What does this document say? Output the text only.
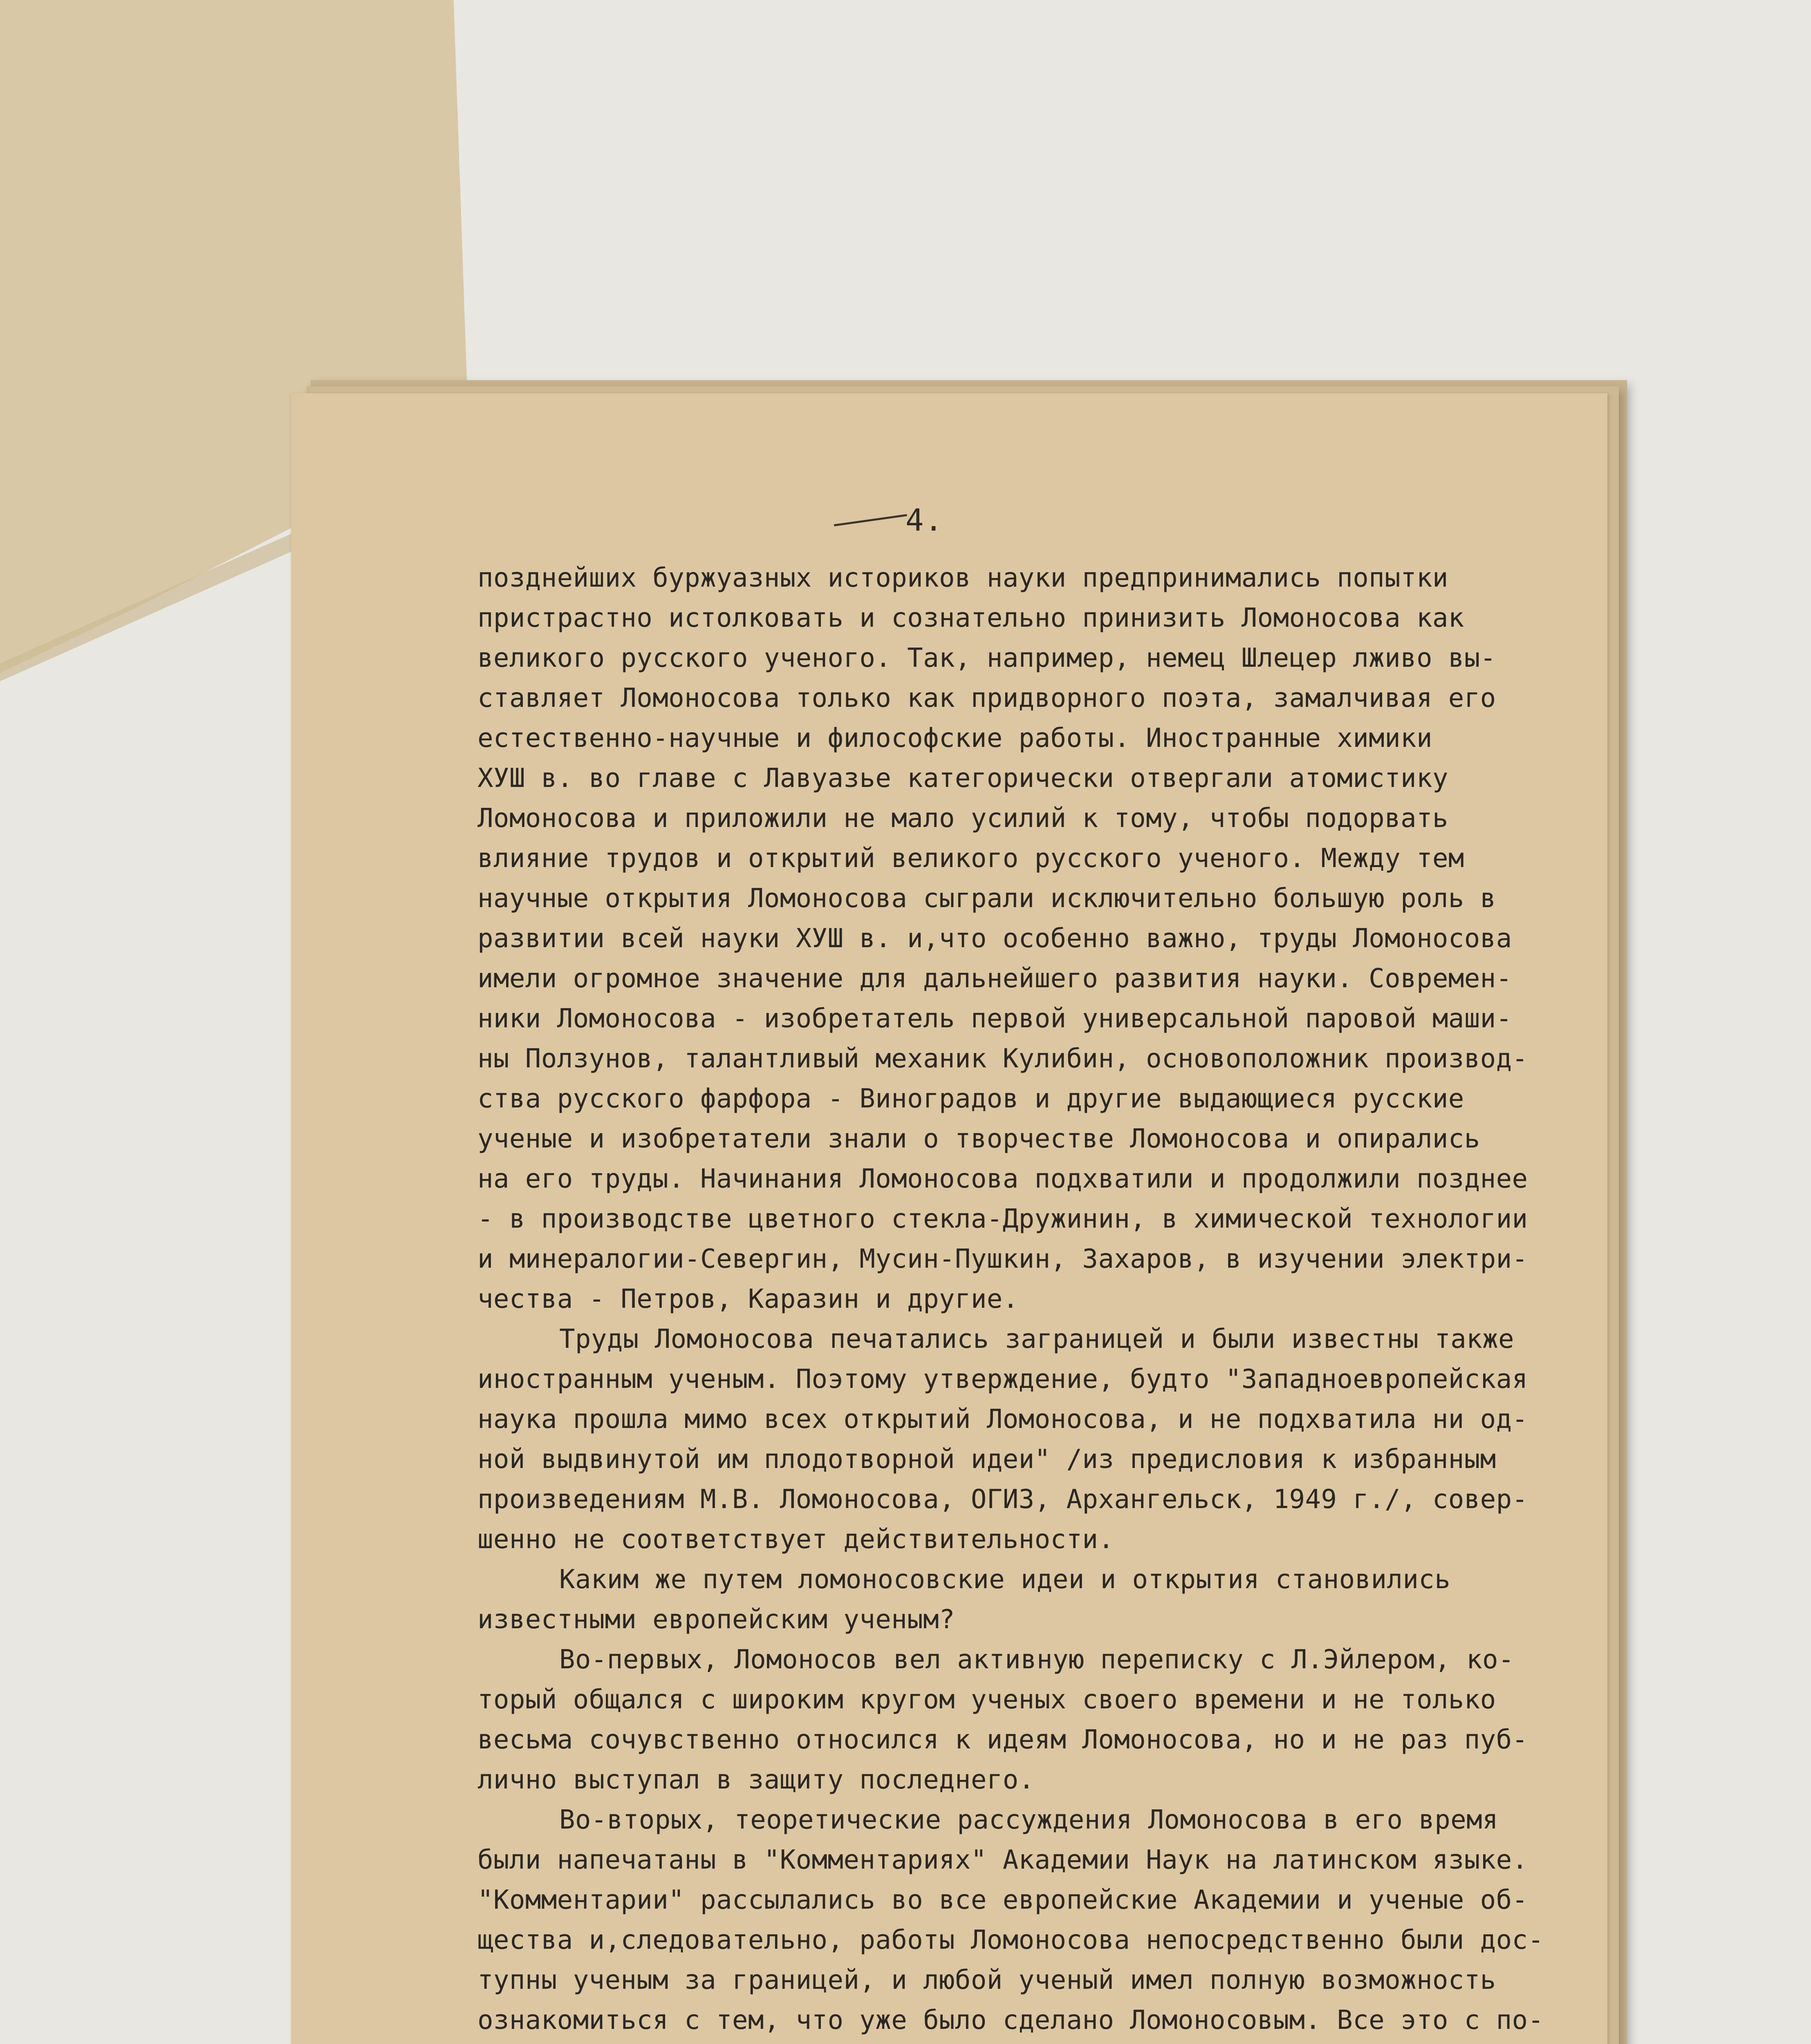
4.
позднейших буржуазных историков науки предпринимались попытки
пристрастно истолковать и сознательно принизить Ломоносова как
великого русского ученого. Так, например, немец Шлецер лживо вы-
ставляет Ломоносова только как придворного поэта, замалчивая его
естественно-научные и философские работы. Иностранные химики
ХУШ в. во главе с Лавуазье категорически отвергали атомистику
Ломоносова и приложили не мало усилий к тому, чтобы подорвать
влияние трудов и открытий великого русского ученого. Между тем
научные открытия Ломоносова сыграли исключительно большую роль в
развитии всей науки ХУШ в. и,что особенно важно, труды Ломоносова
имели огромное значение для дальнейшего развития науки. Современ-
ники Ломоносова - изобретатель первой универсальной паровой маши-
ны Ползунов, талантливый механик Кулибин, основоположник производ-
ства русского фарфора - Виноградов и другие выдающиеся русские
ученые и изобретатели знали о творчестве Ломоносова и опирались
на его труды. Начинания Ломоносова подхватили и продолжили позднее
- в производстве цветного стекла-Дружинин, в химической технологии
и минералогии-Севергин, Мусин-Пушкин, Захаров, в изучении электри-
чества - Петров, Каразин и другие.
Труды Ломоносова печатались заграницей и были известны также
иностранным ученым. Поэтому утверждение, будто "Западноевропейская
наука прошла мимо всех открытий Ломоносова, и не подхватила ни од-
ной выдвинутой им плодотворной идеи" /из предисловия к избранным
произведениям М.В. Ломоносова, ОГИЗ, Архангельск, 1949 г./, совер-
шенно не соответствует действительности.
Каким же путем ломоносовские идеи и открытия становились
известными европейским ученым?
Во-первых, Ломоносов вел активную переписку с Л.Эйлером, ко-
торый общался с широким кругом ученых своего времени и не только
весьма сочувственно относился к идеям Ломоносова, но и не раз пуб-
лично выступал в защиту последнего.
Во-вторых, теоретические рассуждения Ломоносова в его время
были напечатаны в "Комментариях" Академии Наук на латинском языке.
"Комментарии" рассылались во все европейские Академии и ученые об-
щества и,следовательно, работы Ломоносова непосредственно были дос-
тупны ученым за границей, и любой ученый имел полную возможность
ознакомиться с тем, что уже было сделано Ломоносовым. Все это с по-
